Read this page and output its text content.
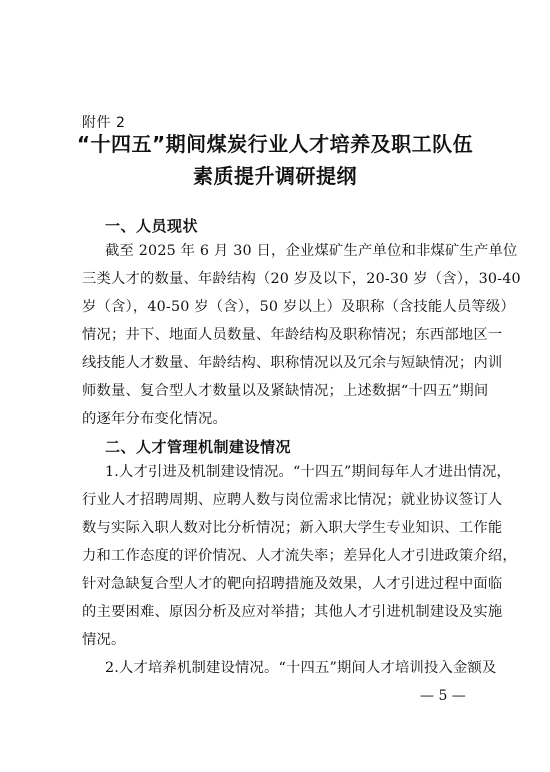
附件 2
“十四五”期间煤炭行业人才培养及职工队伍
素质提升调研提纲
一、人员现状
截至 2025 年 6 月 30 日，企业煤矿生产单位和非煤矿生产单位
三类人才的数量、年龄结构（20 岁及以下，20-30 岁（含），30-40
岁（含），40-50 岁（含），50 岁以上）及职称（含技能人员等级）
情况；井下、地面人员数量、年龄结构及职称情况；东西部地区一
线技能人才数量、年龄结构、职称情况以及冗余与短缺情况；内训
师数量、复合型人才数量以及紧缺情况；上述数据“十四五”期间
的逐年分布变化情况。
二、人才管理机制建设情况
1.人才引进及机制建设情况。“十四五”期间每年人才进出情况，
行业人才招聘周期、应聘人数与岗位需求比情况；就业协议签订人
数与实际入职人数对比分析情况；新入职大学生专业知识、工作能
力和工作态度的评价情况、人才流失率；差异化人才引进政策介绍，
针对急缺复合型人才的靶向招聘措施及效果，人才引进过程中面临
的主要困难、原因分析及应对举措；其他人才引进机制建设及实施
情况。
2.人才培养机制建设情况。“十四五”期间人才培训投入金额及
— 5 —
